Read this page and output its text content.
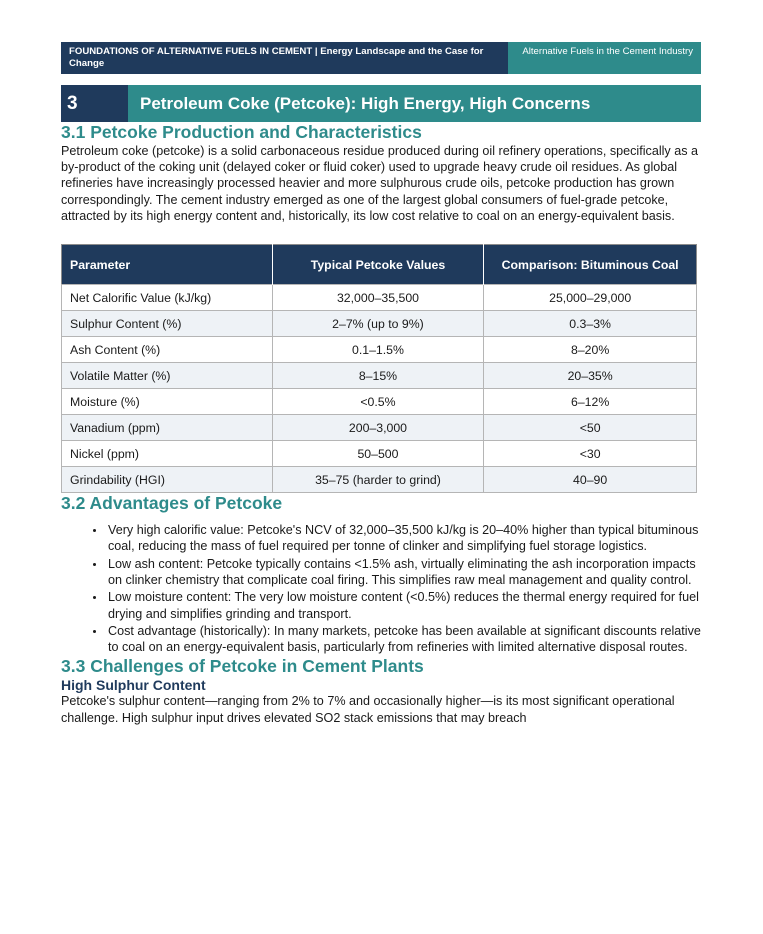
FOUNDATIONS OF ALTERNATIVE FUELS IN CEMENT | Energy Landscape and the Case for Change
Alternative Fuels in the Cement Industry
3	Petroleum Coke (Petcoke): High Energy, High Concerns
3.1 Petcoke Production and Characteristics

Petroleum coke (petcoke) is a solid carbonaceous residue produced during oil refinery operations, specifically as a by-product of the coking unit (delayed coker or fluid coker) used to upgrade heavy crude oil residues. As global refineries have increasingly processed heavier and more sulphurous crude oils, petcoke production has grown correspondingly. The cement industry emerged as one of the largest global consumers of fuel-grade petcoke, attracted by its high energy content and, historically, its low cost relative to coal on an energy-equivalent basis.

Parameter	Typical Petcoke Values	Comparison: Bituminous Coal
Net Calorific Value (kJ/kg)	32,000–35,500	25,000–29,000
Sulphur Content (%)	2–7% (up to 9%)	0.3–3%
Ash Content (%)	0.1–1.5%	8–20%
Volatile Matter (%)	8–15%	20–35%
Moisture (%)	<0.5%	6–12%
Vanadium (ppm)	200–3,000	<50
Nickel (ppm)	50–500	<30
Grindability (HGI)	35–75 (harder to grind)	40–90
3.2 Advantages of Petcoke
• Very high calorific value: Petcoke's NCV of 32,000–35,500 kJ/kg is 20–40% higher than typical bituminous coal, reducing the mass of fuel required per tonne of clinker and simplifying fuel storage logistics.
• Low ash content: Petcoke typically contains <1.5% ash, virtually eliminating the ash incorporation impacts on clinker chemistry that complicate coal firing. This simplifies raw meal management and quality control.
• Low moisture content: The very low moisture content (<0.5%) reduces the thermal energy required for fuel drying and simplifies grinding and transport.
• Cost advantage (historically): In many markets, petcoke has been available at significant discounts relative to coal on an energy-equivalent basis, particularly from refineries with limited alternative disposal routes.
3.3 Challenges of Petcoke in Cement Plants
High Sulphur Content

Petcoke's sulphur content—ranging from 2% to 7% and occasionally higher—is its most significant operational challenge. High sulphur input drives elevated SO2 stack emissions that may breach
